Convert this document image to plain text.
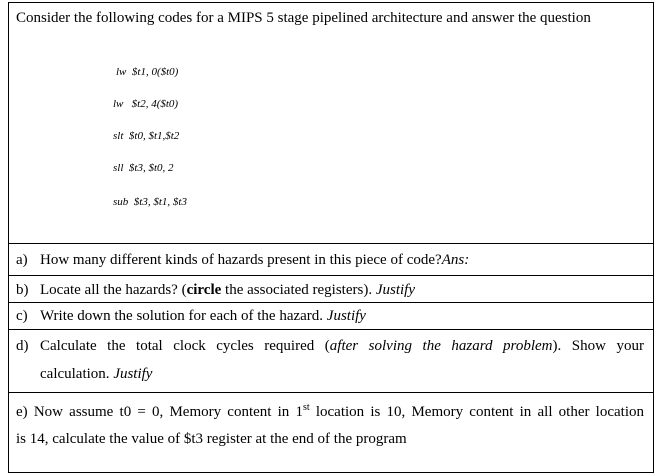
Consider the following codes for a MIPS 5 stage pipelined architecture and answer the question
lw  $t1, 0($t0)
lw   $t2, 4($t0)
slt  $t0, $t1,$t2
sll  $t3, $t0, 2
sub  $t3, $t1, $t3
a) How many different kinds of hazards present in this piece of code?Ans:
b) Locate all the hazards? (circle the associated registers). Justify
c) Write down the solution for each of the hazard. Justify
d) Calculate the total clock cycles required (after solving the hazard problem). Show your
calculation. Justify
e) Now assume t0 = 0, Memory content in 1st location is 10, Memory content in all other location
is 14, calculate the value of $t3 register at the end of the program
